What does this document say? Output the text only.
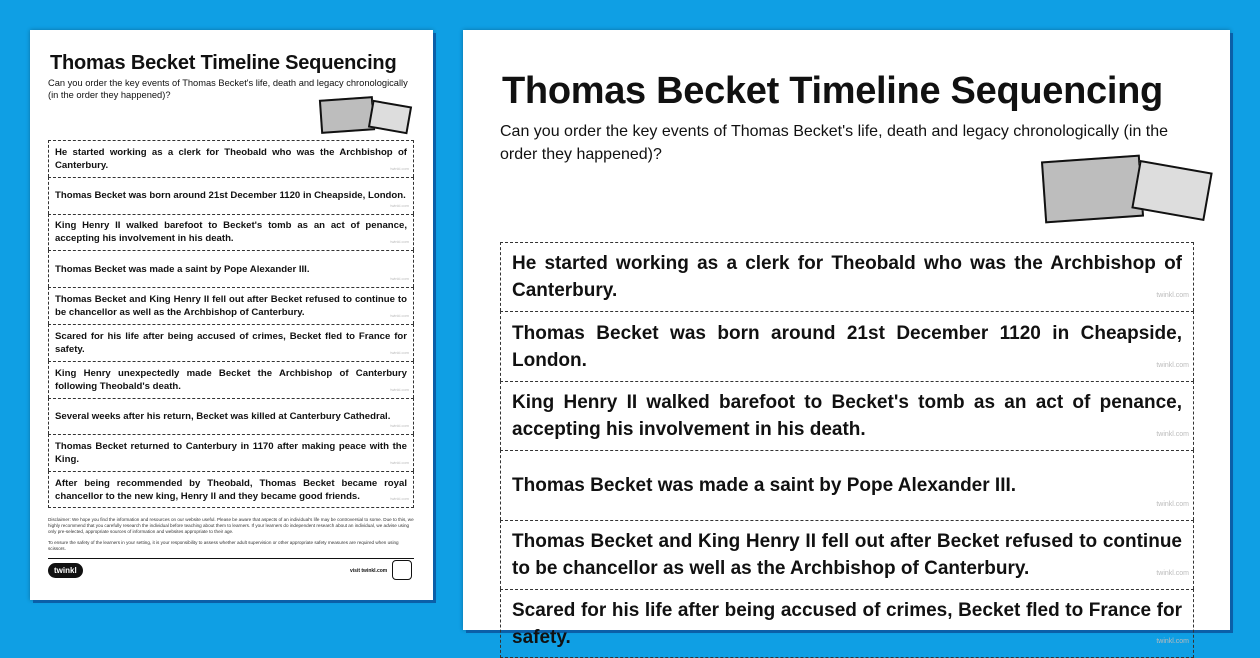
Thomas Becket Timeline Sequencing
Can you order the key events of Thomas Becket's life, death and legacy chronologically (in the order they happened)?
He started working as a clerk for Theobald who was the Archbishop of Canterbury.	twinkl.com
Thomas Becket was born around 21st December 1120 in Cheapside, London.
twinkl.com
King Henry II walked barefoot to Becket's tomb as an act of penance, accepting his involvement in his death.	twinkl.com
Thomas Becket was made a saint by Pope Alexander III.
twinkl.com
Thomas Becket and King Henry II fell out after Becket refused to continue to be chancellor as well as the Archbishop of Canterbury.	twinkl.com
Scared for his life after being accused of crimes, Becket fled to France for safety.	twinkl.com
King Henry unexpectedly made Becket the Archbishop of Canterbury following Theobald's death.	twinkl.com
Several weeks after his return, Becket was killed at Canterbury Cathedral.
twinkl.com
Thomas Becket returned to Canterbury in 1170 after making peace with the King.	twinkl.com
After being recommended by Theobald, Thomas Becket became royal chancellor to the new king, Henry II and they became good friends.	twinkl.com

Disclaimer: We hope you find the information and resources on our website useful. Please be aware that aspects of an individual's life may be controversial to some. Due to this, we highly recommend that you carefully research the individual before teaching about them to learners. If your learners do independent research about an individual, we advise using only pre-selected, appropriate sources of information and websites appropriate to their age.

To ensure the safety of the learners in your setting, it is your responsibility to assess whether adult supervision or other appropriate safety measures are required when using scissors.

twinkl	visit twinkl.com
Thomas Becket Timeline Sequencing
Can you order the key events of Thomas Becket's life, death and legacy chronologically (in the order they happened)?
He started working as a clerk for Theobald who was the Archbishop of Canterbury.	twinkl.com
Thomas Becket was born around 21st December 1120 in Cheapside, London.	twinkl.com
King Henry II walked barefoot to Becket's tomb as an act of penance, accepting his involvement in his death.	twinkl.com
Thomas Becket was made a saint by Pope Alexander III.
twinkl.com
Thomas Becket and King Henry II fell out after Becket refused to continue to be chancellor as well as the Archbishop of Canterbury.	twinkl.com
Scared for his life after being accused of crimes, Becket fled to France for safety.	twinkl.com
